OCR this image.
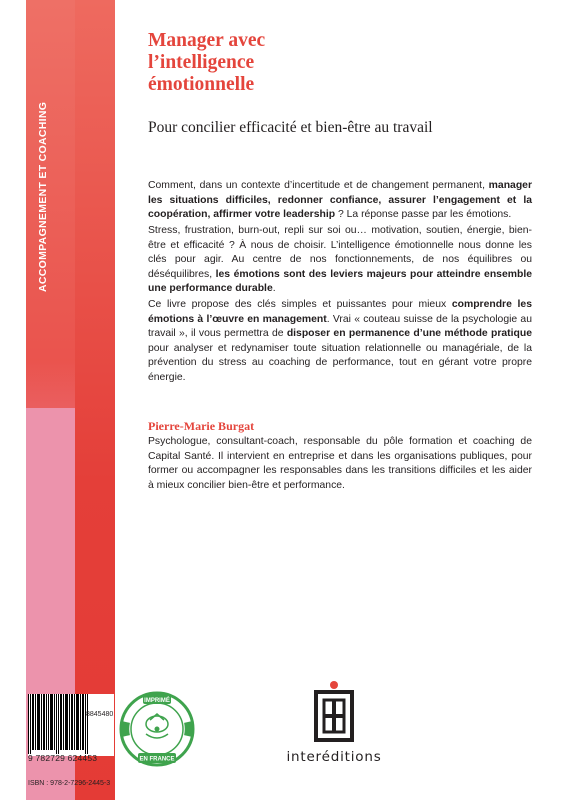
ACCOMPAGNEMENT ET COACHING
Manager avec l’intelligence émotionnelle
Pour concilier efficacité et bien-être au travail
Comment, dans un contexte d’incertitude et de changement permanent, manager les situations difficiles, redonner confiance, assurer l’engagement et la coopération, affirmer votre leadership ? La réponse passe par les émotions.
Stress, frustration, burn-out, repli sur soi ou… motivation, soutien, énergie, bien-être et efficacité ? À nous de choisir. L’intelligence émotionnelle nous donne les clés pour agir. Au centre de nos fonctionnements, de nos équilibres ou déséquilibres, les émotions sont des leviers majeurs pour atteindre ensemble une performance durable.
Ce livre propose des clés simples et puissantes pour mieux comprendre les émotions à l’œuvre en management. Vrai « couteau suisse de la psychologie au travail », il vous permettra de disposer en permanence d’une méthode pratique pour analyser et redynamiser toute situation relationnelle ou managériale, de la prévention du stress au coaching de performance, tout en gérant votre propre énergie.
Pierre-Marie Burgat
Psychologue, consultant-coach, responsable du pôle formation et coaching de Capital Santé. Il intervient en entreprise et dans les organisations publiques, pour former ou accompagner les responsables dans les transitions difficiles et les aider à mieux concilier bien-être et performance.
8845480
9 782729 624453
ISBN : 978-2-7296-2445-3
IMPRIMÉ
EN FRANCE	interéditions
